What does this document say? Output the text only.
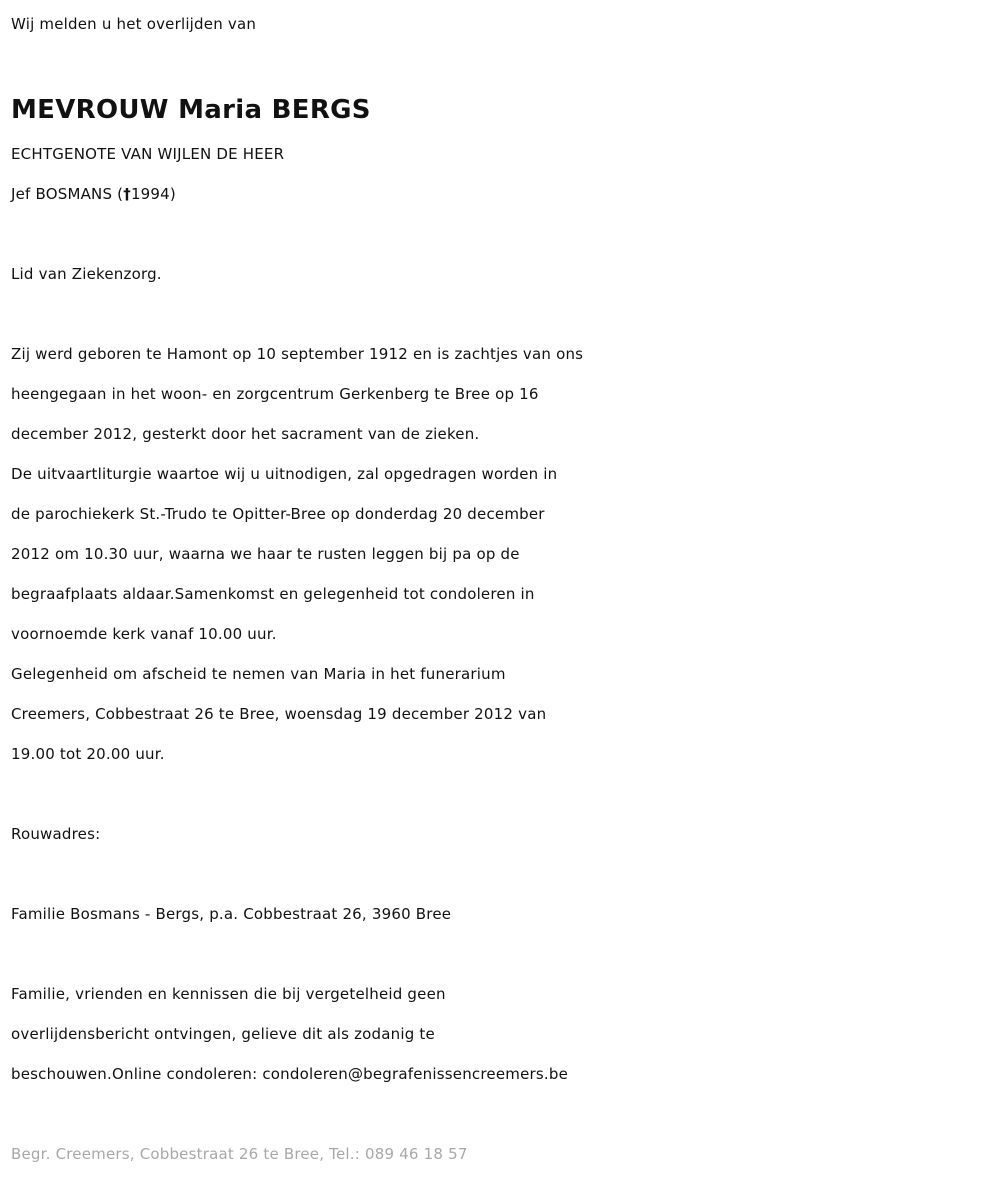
Wij melden u het overlijden van
MEVROUW Maria BERGS
ECHTGENOTE VAN WIJLEN DE HEER
Jef BOSMANS (†1994)
Lid van Ziekenzorg.
Zij werd geboren te Hamont op 10 september 1912 en is zachtjes van ons
heengegaan in het woon- en zorgcentrum Gerkenberg te Bree op 16
december 2012, gesterkt door het sacrament van de zieken.
De uitvaartliturgie waartoe wij u uitnodigen, zal opgedragen worden in
de parochiekerk St.-Trudo te Opitter-Bree op donderdag 20 december
2012 om 10.30 uur, waarna we haar te rusten leggen bij pa op de
begraafplaats aldaar.Samenkomst en gelegenheid tot condoleren in
voornoemde kerk vanaf 10.00 uur.
Gelegenheid om afscheid te nemen van Maria in het funerarium
Creemers, Cobbestraat 26 te Bree, woensdag 19 december 2012 van
19.00 tot 20.00 uur.
Rouwadres:
Familie Bosmans - Bergs, p.a. Cobbestraat 26, 3960 Bree
Familie, vrienden en kennissen die bij vergetelheid geen
overlijdensbericht ontvingen, gelieve dit als zodanig te
beschouwen.Online condoleren: condoleren@begrafenissencreemers.be
Begr. Creemers, Cobbestraat 26 te Bree, Tel.: 089 46 18 57
